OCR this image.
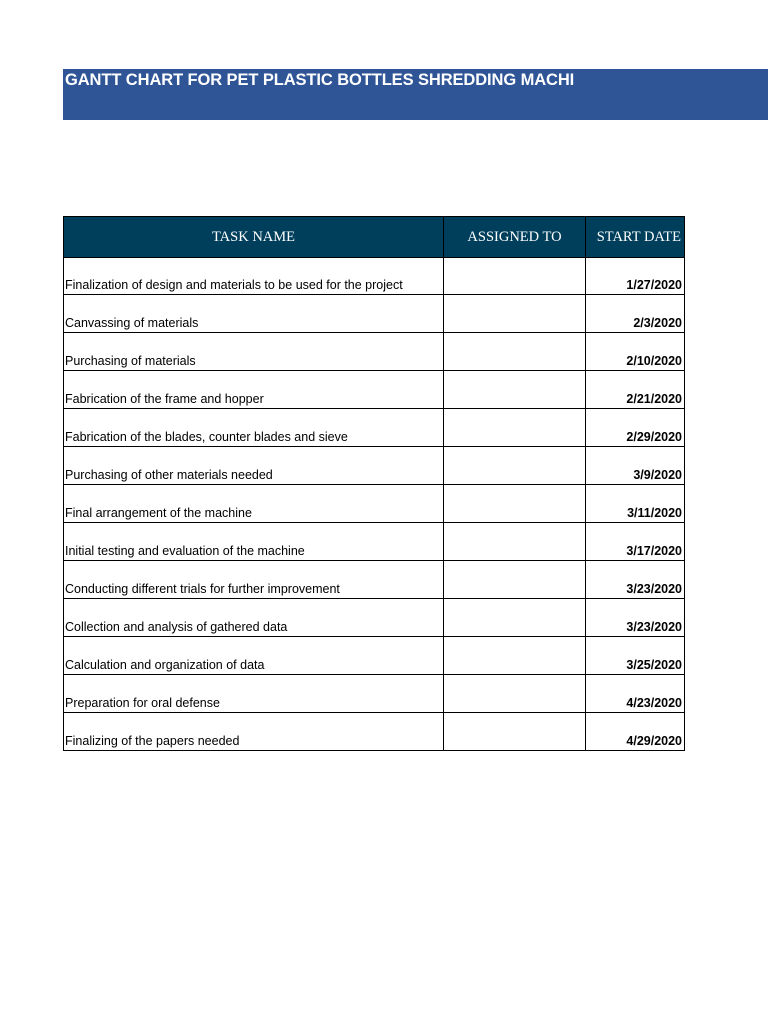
GANTT CHART FOR PET PLASTIC BOTTLES SHREDDING MACHI
TASK NAME	ASSIGNED TO	START DATE
Finalization of design and materials to be used for the project		1/27/2020
Canvassing of materials		2/3/2020
Purchasing of materials		2/10/2020
Fabrication of the frame and hopper		2/21/2020
Fabrication of the blades, counter blades and sieve		2/29/2020
Purchasing of other materials needed		3/9/2020
Final arrangement of the machine		3/11/2020
Initial testing and evaluation of the machine		3/17/2020
Conducting different trials for further improvement		3/23/2020
Collection and analysis of gathered data		3/23/2020
Calculation and organization of data		3/25/2020
Preparation for oral defense		4/23/2020
Finalizing of the papers needed		4/29/2020
